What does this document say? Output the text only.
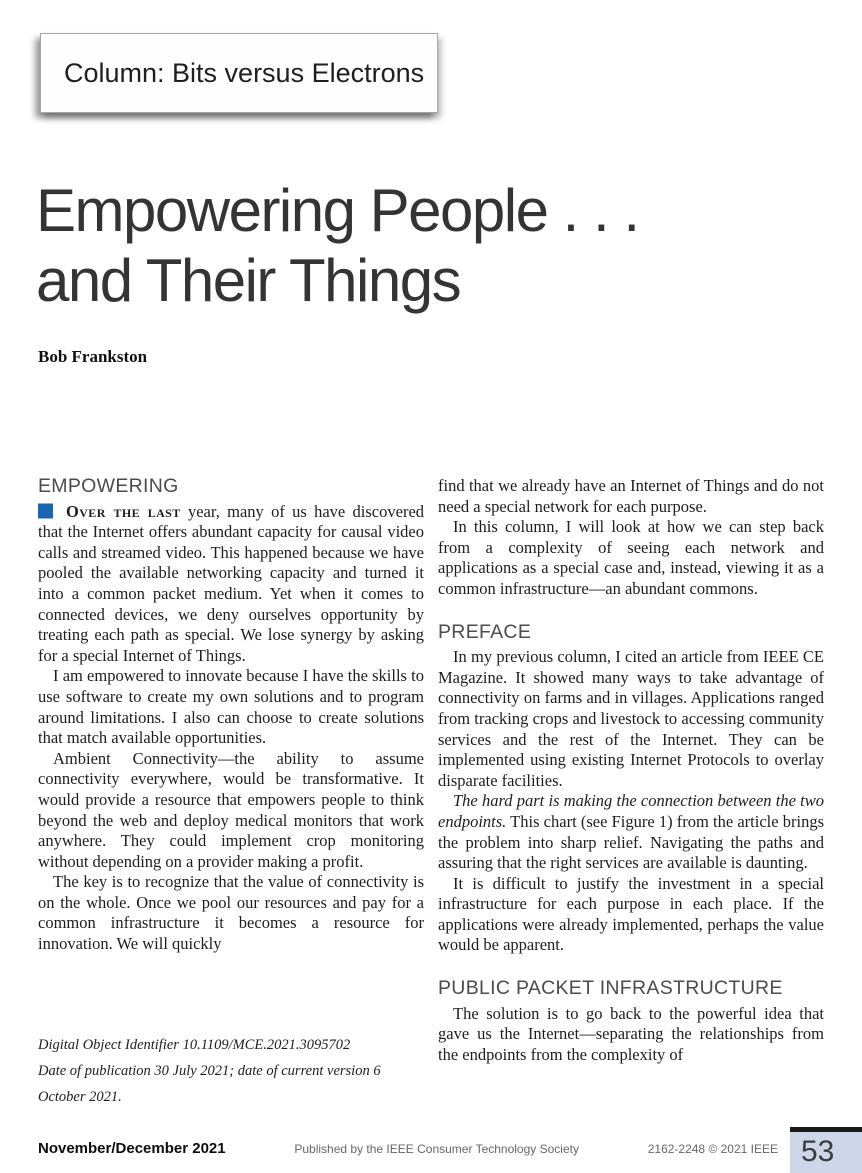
Column: Bits versus Electrons
Empowering People . . .
and Their Things
Bob Frankston
EMPOWERING

Over the last year, many of us have discovered that the Internet offers abundant capacity for causal video calls and streamed video. This happened because we have pooled the available networking capacity and turned it into a common packet medium. Yet when it comes to connected devices, we deny ourselves opportunity by treating each path as special. We lose synergy by asking for a special Internet of Things.

I am empowered to innovate because I have the skills to use software to create my own solutions and to program around limitations. I also can choose to create solutions that match available opportunities.

Ambient Connectivity—the ability to assume connectivity everywhere, would be transformative. It would provide a resource that empowers people to think beyond the web and deploy medical monitors that work anywhere. They could implement crop monitoring without depending on a provider making a profit.

The key is to recognize that the value of connectivity is on the whole. Once we pool our resources and pay for a common infrastructure it becomes a resource for innovation. We will quickly

Digital Object Identifier 10.1109/MCE.2021.3095702
Date of publication 30 July 2021; date of current version 6 October 2021.

find that we already have an Internet of Things and do not need a special network for each purpose.

In this column, I will look at how we can step back from a complexity of seeing each network and applications as a special case and, instead, viewing it as a common infrastructure—an abundant commons.

PREFACE

In my previous column, I cited an article from IEEE CE Magazine. It showed many ways to take advantage of connectivity on farms and in villages. Applications ranged from tracking crops and livestock to accessing community services and the rest of the Internet. They can be implemented using existing Internet Protocols to overlay disparate facilities.

The hard part is making the connection between the two endpoints. This chart (see Figure 1) from the article brings the problem into sharp relief. Navigating the paths and assuring that the right services are available is daunting.

It is difficult to justify the investment in a special infrastructure for each purpose in each place. If the applications were already implemented, perhaps the value would be apparent.

PUBLIC PACKET INFRASTRUCTURE

The solution is to go back to the powerful idea that gave us the Internet—separating the relationships from the endpoints from the complexity of

November/December 2021	Published by the IEEE Consumer Technology Society	2162-2248 © 2021 IEEE 53
